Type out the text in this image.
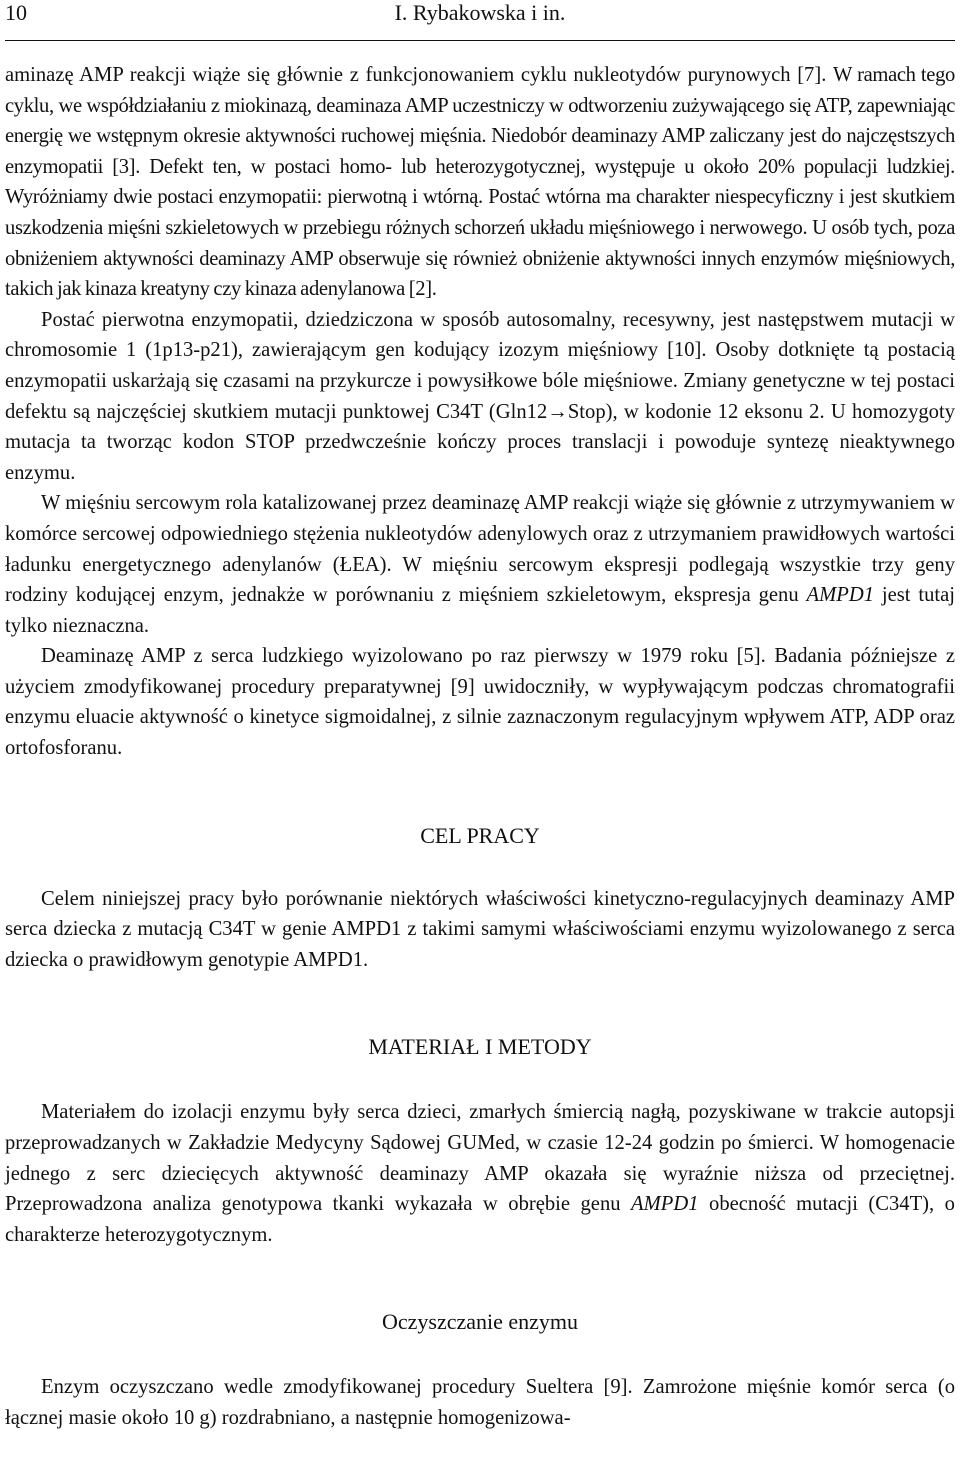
10	I. Rybakowska i in.

aminazę AMP reakcji wiąże się głównie z funkcjonowaniem cyklu nukleotydów purynowych [7]. W ramach tego cyklu, we współdziałaniu z miokinazą, deaminaza AMP uczestniczy w odtworzeniu zużywającego się ATP, zapewniając energię we wstępnym okresie aktywności ruchowej mięśnia. Niedobór deaminazy AMP zaliczany jest do najczęstszych enzymopatii [3]. Defekt ten, w postaci homo- lub heterozygotycznej, występuje u około 20% populacji ludzkiej. Wyróżniamy dwie postaci enzymopatii: pierwotną i wtórną. Postać wtórna ma charakter niespecyficzny i jest skutkiem uszkodzenia mięśni szkieletowych w przebiegu różnych schorzeń układu mięśniowego i nerwowego. U osób tych, poza obniżeniem aktywności deaminazy AMP obserwuje się również obniżenie aktywności innych enzymów mięśniowych, takich jak kinaza kreatyny czy kinaza adenylanowa [2].

Postać pierwotna enzymopatii, dziedziczona w sposób autosomalny, recesywny, jest następstwem mutacji w chromosomie 1 (1p13-p21), zawierającym gen kodujący izozym mięśniowy [10]. Osoby dotknięte tą postacią enzymopatii uskarżają się czasami na przykurcze i powysiłkowe bóle mięśniowe. Zmiany genetyczne w tej postaci defektu są najczęściej skutkiem mutacji punktowej C34T (Gln12→Stop), w kodonie 12 eksonu 2. U homozygoty mutacja ta tworząc kodon STOP przedwcześnie kończy proces translacji i powoduje syntezę nieaktywnego enzymu.

W mięśniu sercowym rola katalizowanej przez deaminazę AMP reakcji wiąże się głównie z utrzymywaniem w komórce sercowej odpowiedniego stężenia nukleotydów adenylowych oraz z utrzymaniem prawidłowych wartości ładunku energetycznego adenylanów (ŁEA). W mięśniu sercowym ekspresji podlegają wszystkie trzy geny rodziny kodującej enzym, jednakże w porównaniu z mięśniem szkieletowym, ekspresja genu AMPD1 jest tutaj tylko nieznaczna.

Deaminazę AMP z serca ludzkiego wyizolowano po raz pierwszy w 1979 roku [5]. Badania późniejsze z użyciem zmodyfikowanej procedury preparatywnej [9] uwidoczniły, w wypływającym podczas chromatografii enzymu eluacie aktywność o kinetyce sigmoidalnej, z silnie zaznaczonym regulacyjnym wpływem ATP, ADP oraz ortofosforanu.

CEL PRACY

Celem niniejszej pracy było porównanie niektórych właściwości kinetyczno-regulacyjnych deaminazy AMP serca dziecka z mutacją C34T w genie AMPD1 z takimi samymi właściwościami enzymu wyizolowanego z serca dziecka o prawidłowym genotypie AMPD1.

MATERIAŁ I METODY

Materiałem do izolacji enzymu były serca dzieci, zmarłych śmiercią nagłą, pozyskiwane w trakcie autopsji przeprowadzanych w Zakładzie Medycyny Sądowej GUMed, w czasie 12-24 godzin po śmierci. W homogenacie jednego z serc dziecięcych aktywność deaminazy AMP okazała się wyraźnie niższa od przeciętnej. Przeprowadzona analiza genotypowa tkanki wykazała w obrębie genu AMPD1 obecność mutacji (C34T), o charakterze heterozygotycznym.

Oczyszczanie enzymu

Enzym oczyszczano wedle zmodyfikowanej procedury Sueltera [9]. Zamrożone mięśnie komór serca (o łącznej masie około 10 g) rozdrabniano, a następnie homogenizowa-
